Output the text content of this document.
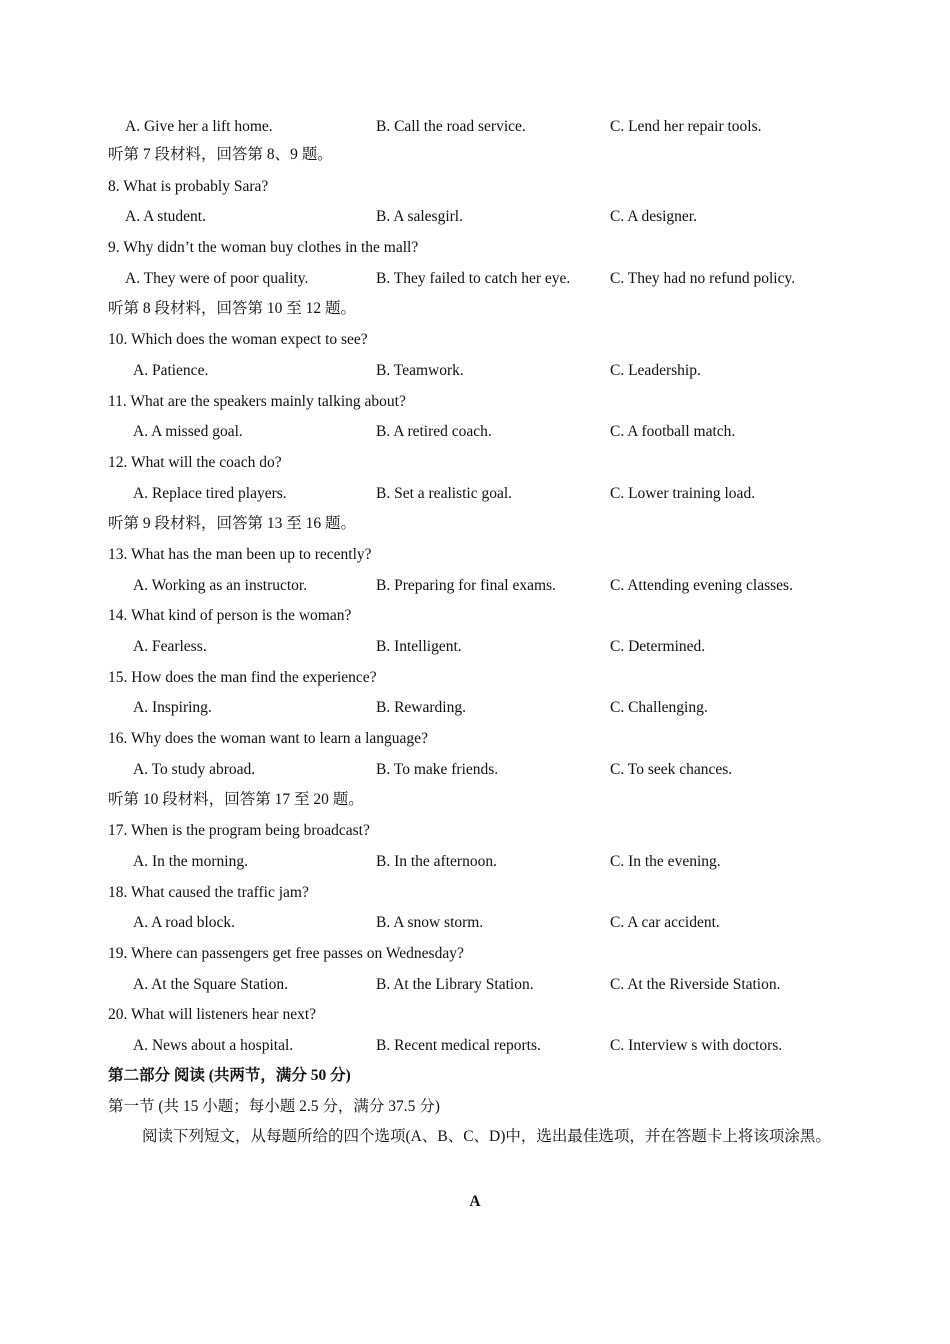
A. Give her a lift home.	B. Call the road service.	C. Lend her repair tools.
听第 7 段材料，回答第 8、9 题。
8. What is probably Sara?
A. A student.	B. A salesgirl.	C. A designer.
9. Why didn’t the woman buy clothes in the mall?
A. They were of poor quality.	B. They failed to catch her eye.	C. They had no refund policy.
听第 8 段材料，回答第 10 至 12 题。
10. Which does the woman expect to see?
A. Patience.	B. Teamwork.	C. Leadership.
11. What are the speakers mainly talking about?
A. A missed goal.	B. A retired coach.	C. A football match.
12. What will the coach do?
A. Replace tired players.	B. Set a realistic goal.	C. Lower training load.
听第 9 段材料，回答第 13 至 16 题。
13. What has the man been up to recently?
A. Working as an instructor.	B. Preparing for final exams.	C. Attending evening classes.
14. What kind of person is the woman?
A. Fearless.	B. Intelligent.	C. Determined.
15. How does the man find the experience?
A. Inspiring.	B. Rewarding.	C. Challenging.
16. Why does the woman want to learn a language?
A. To study abroad.	B. To make friends.	C. To seek chances.
听第 10 段材料，回答第 17 至 20 题。
17. When is the program being broadcast?
A. In the morning.	B. In the afternoon.	C. In the evening.
18. What caused the traffic jam?
A. A road block.	B. A snow storm.	C. A car accident.
19. Where can passengers get free passes on Wednesday?
A. At the Square Station.	B. At the Library Station.	C. At the Riverside Station.
20. What will listeners hear next?
A. News about a hospital.	B. Recent medical reports.	C. Interview s with doctors.
第二部分 阅读 (共两节，满分 50 分)
第一节 (共 15 小题；每小题 2.5 分，满分 37.5 分)
阅读下列短文，从每题所给的四个选项(A、B、C、D)中，选出最佳选项，并在答题卡上将该项涂黑。
A
